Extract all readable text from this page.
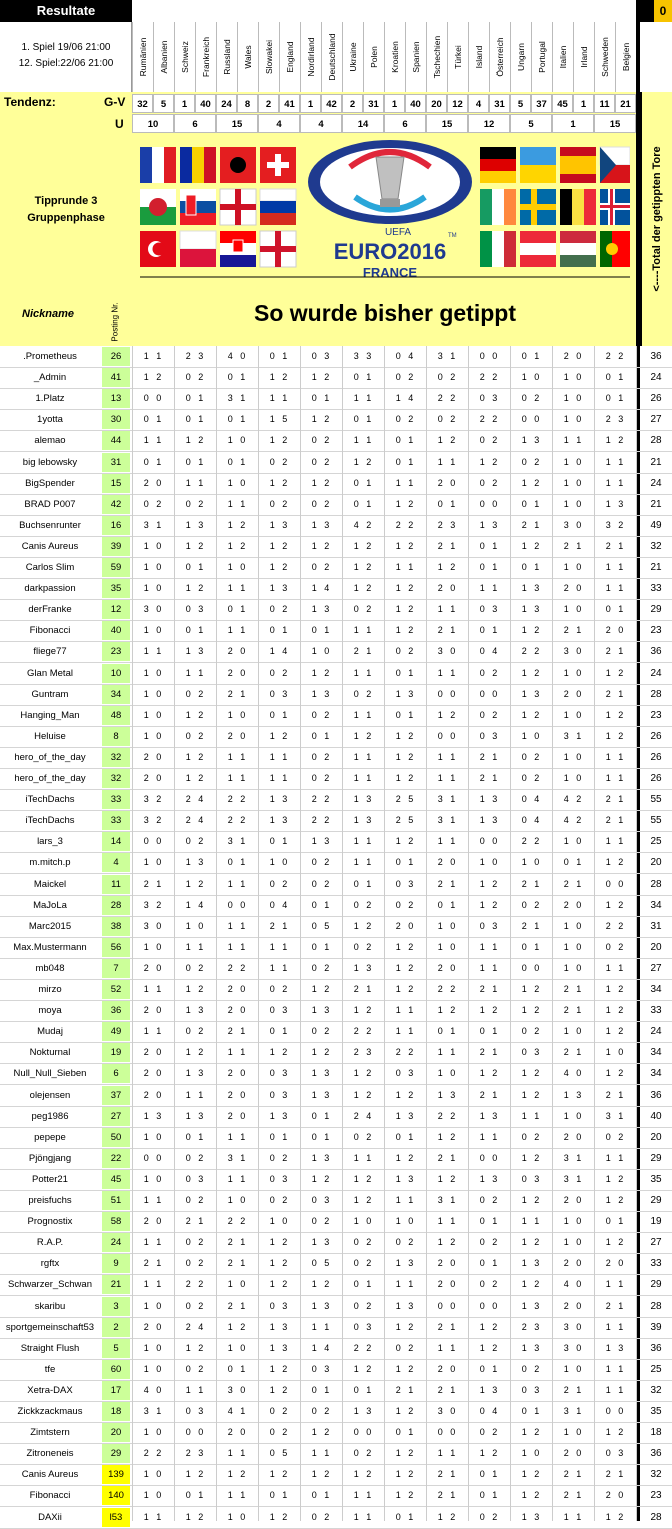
Resultate	0
1. Spiel 19/06 21:00
12. Spiel:22/06 21:00	Rumänien Albanien Schweiz Frankreich Russland Wales Slowakei England Nordirland Deutschland Ukraine Polen Kroatien Spanien Tschechien Türkei Island Österreich Ungarn Portugal Italien Irland Schweden Belgien
Tendenz:	G-V
U
32	5	1	40	24	8	2	41	1	42	2	31	1	40	20	12	4	31	5	37	45	1	11	21
10	6	15	4	4	14	6	15	12	5	1	15
Tipprunde 3
Gruppenphase
Nickname	Posting Nr.
UEFA
EURO2016
FRANCE
TM
So wurde bisher getippt
<----Total der getippten Tore
.Prometheus	26	1 1	2 3	4 0	0 1	0 3	3 3	0 4	3 1	0 0	0 1	2 0	2 2	36
_Admin	41	1 2	0 2	0 1	1 2	1 2	0 1	0 2	0 2	2 2	1 0	1 0	0 1	24
1.Platz	13	0 0	0 1	3 1	1 1	0 1	1 1	1 4	2 2	0 3	0 2	1 0	0 1	26
1yotta	30	0 1	0 1	0 1	1 5	1 2	0 1	0 2	0 2	2 2	0 0	1 0	2 3	27
alemao	44	1 1	1 2	1 0	1 2	0 2	1 1	0 1	1 2	0 2	1 3	1 1	1 2	28
big lebowsky	31	0 1	0 1	0 1	0 2	0 2	1 2	0 1	1 1	1 2	0 2	1 0	1 1	21
BigSpender	15	2 0	1 1	1 0	1 2	1 2	0 1	1 1	2 0	0 2	1 2	1 0	1 1	24
BRAD P007	42	0 2	0 2	1 1	0 2	0 2	0 1	1 2	0 1	0 0	0 1	1 0	1 3	21
Buchsenrunter	16	3 1	1 3	1 2	1 3	1 3	4 2	2 2	2 3	1 3	2 1	3 0	3 2	49
Canis Aureus	39	1 0	1 2	1 2	1 2	1 2	1 2	1 2	2 1	0 1	1 2	2 1	2 1	32
Carlos Slim	59	1 0	0 1	1 0	1 2	0 2	1 2	1 1	1 2	0 1	0 1	1 0	1 1	21
darkpassion	35	1 0	1 2	1 1	1 3	1 4	1 2	1 2	2 0	1 1	1 3	2 0	1 1	33
derFranke	12	3 0	0 3	0 1	0 2	1 3	0 2	1 2	1 1	0 3	1 3	1 0	0 1	29
Fibonacci	40	1 0	0 1	1 1	0 1	0 1	1 1	1 2	2 1	0 1	1 2	2 1	2 0	23
fliege77	23	1 1	1 3	2 0	1 4	1 0	2 1	0 2	3 0	0 4	2 2	3 0	2 1	36
Glan Metal	10	1 0	1 1	2 0	0 2	1 2	1 1	0 1	1 1	0 2	1 2	1 0	1 2	24
Guntram	34	1 0	0 2	2 1	0 3	1 3	0 2	1 3	0 0	0 0	1 3	2 0	2 1	28
Hanging_Man	48	1 0	1 2	1 0	0 1	0 2	1 1	0 1	1 2	0 2	1 2	1 0	1 2	23
Heluise	8	1 0	0 2	2 0	1 2	0 1	1 2	1 2	0 0	0 3	1 0	3 1	1 2	26
hero_of_the_day	32	2 0	1 2	1 1	1 1	0 2	1 1	1 2	1 1	2 1	0 2	1 0	1 1	26
hero_of_the_day	32	2 0	1 2	1 1	1 1	0 2	1 1	1 2	1 1	2 1	0 2	1 0	1 1	26
iTechDachs	33	3 2	2 4	2 2	1 3	2 2	1 3	2 5	3 1	1 3	0 4	4 2	2 1	55
iTechDachs	33	3 2	2 4	2 2	1 3	2 2	1 3	2 5	3 1	1 3	0 4	4 2	2 1	55
lars_3	14	0 0	0 2	3 1	0 1	1 3	1 1	1 2	1 1	0 0	2 2	1 0	1 1	25
m.mitch.p	4	1 0	1 3	0 1	1 0	0 2	1 1	0 1	2 0	1 0	1 0	0 1	1 2	20
Maickel	11	2 1	1 2	1 1	0 2	0 2	0 1	0 3	2 1	1 2	2 1	2 1	0 0	28
MaJoLa	28	3 2	1 4	0 0	0 4	0 1	0 2	0 2	0 1	1 2	0 2	2 0	1 2	34
Marc2015	38	3 0	1 0	1 1	2 1	0 5	1 2	2 0	1 0	0 3	2 1	1 0	2 2	31
Max.Mustermann	56	1 0	1 1	1 1	1 1	0 1	0 2	1 2	1 0	1 1	0 1	1 0	0 2	20
mb048	7	2 0	0 2	2 2	1 1	0 2	1 3	1 2	2 0	1 1	0 0	1 0	1 1	27
mirzo	52	1 1	1 2	2 0	0 2	1 2	2 1	1 2	2 2	2 1	1 2	2 1	1 2	34
moya	36	2 0	1 3	2 0	0 3	1 3	1 2	1 1	1 2	1 2	1 2	2 1	1 2	33
Mudaj	49	1 1	0 2	2 1	0 1	0 2	2 2	1 1	0 1	0 1	0 2	1 0	1 2	24
Nokturnal	19	2 0	1 2	1 1	1 2	1 2	2 3	2 2	1 1	2 1	0 3	2 1	1 0	34
Null_Null_Sieben	6	2 0	1 3	2 0	0 3	1 3	1 2	0 3	1 0	1 2	1 2	4 0	1 2	34
olejensen	37	2 0	1 1	2 0	0 3	1 3	1 2	1 2	1 3	2 1	1 2	1 3	2 1	36
peg1986	27	1 3	1 3	2 0	1 3	0 1	2 4	1 3	2 2	1 3	1 1	1 0	3 1	40
pepepe	50	1 0	0 1	1 1	0 1	0 1	0 2	0 1	1 2	1 1	0 2	2 0	0 2	20
Pjöngjang	22	0 0	0 2	3 1	0 2	1 3	1 1	1 2	2 1	0 0	1 2	3 1	1 1	29
Potter21	45	1 0	0 3	1 1	0 3	1 2	1 2	1 3	1 2	1 3	0 3	3 1	1 2	35
preisfuchs	51	1 1	0 2	1 0	0 2	0 3	1 2	1 1	3 1	0 2	1 2	2 0	1 2	29
Prognostix	58	2 0	2 1	2 2	1 0	0 2	1 0	1 0	1 1	0 1	1 1	1 0	0 1	19
R.A.P.	24	1 1	0 2	2 1	1 2	1 3	0 2	0 2	1 2	0 2	1 2	1 0	1 2	27
rgftx	9	2 1	0 2	2 1	1 2	0 5	0 2	1 3	2 0	0 1	1 3	2 0	2 0	33
Schwarzer_Schwan	21	1 1	2 2	1 0	1 2	1 2	0 1	1 1	2 0	0 2	1 2	4 0	1 1	29
skaribu	3	1 0	0 2	2 1	0 3	1 3	0 2	1 3	0 0	0 0	1 3	2 0	2 1	28
sportgemeinschaft53	2	2 0	2 4	1 2	1 3	1 1	0 3	1 2	2 1	1 2	2 3	3 0	1 1	39
Straight Flush	5	1 0	1 2	1 0	1 3	1 4	2 2	0 2	1 1	1 2	1 3	3 0	1 3	36
tfe	60	1 0	0 2	0 1	1 2	0 3	1 2	1 2	2 0	0 1	0 2	1 0	1 1	25
Xetra-DAX	17	4 0	1 1	3 0	1 2	0 1	0 1	2 1	2 1	1 3	0 3	2 1	1 1	32
Zickkzackmaus	18	3 1	0 3	4 1	0 2	0 2	1 3	1 2	3 0	0 4	0 1	3 1	0 0	35
Zimtstern	20	1 0	0 0	2 0	0 2	1 2	0 0	0 1	0 0	0 2	1 2	1 0	1 2	18
Zitroneneis	29	2 2	2 3	1 1	0 5	1 1	0 2	1 2	1 1	1 2	1 0	2 0	0 3	36
Canis Aureus	139	1 0	1 2	1 2	1 2	1 2	1 2	1 2	2 1	0 1	1 2	2 1	2 1	32
Fibonacci	140	1 0	0 1	1 1	0 1	0 1	1 1	1 2	2 1	0 1	1 2	2 1	2 0	23
DAXii	l53	1 1	1 2	1 0	1 2	0 2	1 1	0 1	1 2	0 2	1 3	1 1	1 2	28
